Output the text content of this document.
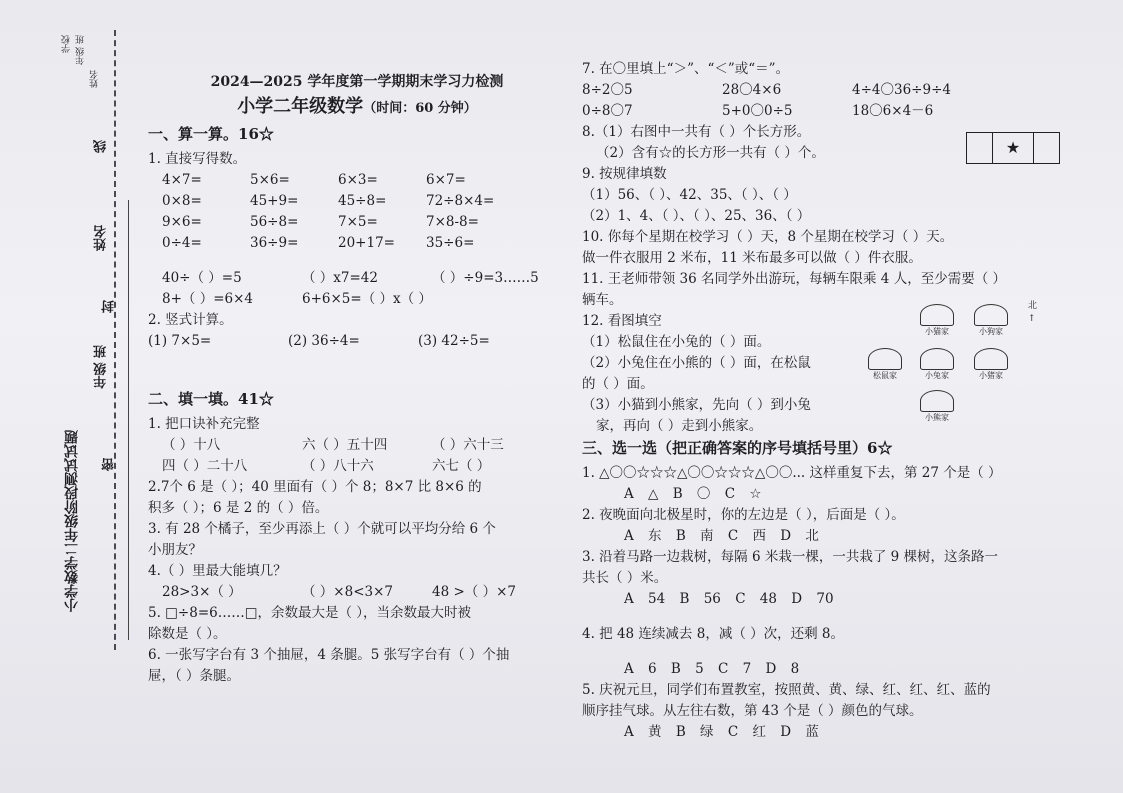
学校 年级 班
姓名
线
姓名
封
年级 班
密
小学数学二年级阶段测试试题
2024—2025 学年度第一学期期末学习力检测
小学二年级数学（时间：60 分钟）
一、算一算。16☆
1. 直接写得数。
4×7=	5×6=	6×3=	6×7=
0×8=	45+9=	45÷8=	72÷8×4=
9×6=	56÷8=	7×5=	7×8-8=
0÷4=	36÷9=	20+17=	35÷6=
40÷（ ）=5	（ ）x7=42	（ ）÷9=3……5
8+（ ）=6×4	6+6×5=（ ）x（ ）
2. 竖式计算。
(1) 7×5=	(2) 36÷4=	(3) 42÷5=
二、填一填。41☆
1. 把口诀补充完整
（ ）十八	六（ ）五十四	（ ）六十三
四（ ）二十八	（ ）八十六	六七（ ）
2.7个 6 是（ ）；40 里面有（ ）个 8；8×7 比 8×6 的
积多（ ）；6 是 2 的（ ）倍。
3. 有 28 个橘子，至少再添上（ ）个就可以平均分给 6 个
小朋友？
4.（ ）里最大能填几？
28>3×（ ）	（ ）×8<3×7	48 >（ ）×7
5. □÷8=6……□，余数最大是（ ），当余数最大时被
除数是（ ）。
6. 一张写字台有 3 个抽屉，4 条腿。5 张写字台有（ ）个抽
屉，（ ）条腿。
7. 在〇里填上“＞”、“＜”或“＝”。
8÷2〇5	28〇4×6	4÷4〇36÷9÷4
0÷8〇7	5+0〇0÷5	18〇6×4－6
8.（1）右图中一共有（ ）个长方形。
（2）含有☆的长方形一共有（ ）个。	★
9. 按规律填数
（1）56、（ ）、42、35、（ ）、（ ）
（2）1、4、（ ）、（ ）、25、36、（ ）
10. 你每个星期在校学习（ ）天，8 个星期在校学习（ ）天。
做一件衣服用 2 米布，11 米布最多可以做（ ）件衣服。
11. 王老师带领 36 名同学外出游玩，每辆车限乘 4 人，至少需要（ ）
辆车。
12. 看图填空
（1）松鼠住在小兔的（ ）面。
（2）小兔住在小熊的（ ）面，在松鼠
的（ ）面。
（3）小猫到小熊家，先向（ ）到小兔
家，再向（ ）走到小熊家。
北
↑
小猫家	小狗家
松鼠家	小兔家	小猪家
小熊家
三、选一选（把正确答案的序号填括号里）6☆
1. △〇〇☆☆☆△〇〇☆☆☆△〇〇... 这样重复下去，第 27 个是（ ）
A △ B 〇 C ☆
2. 夜晚面向北极星时，你的左边是（ ），后面是（ ）。
A 东 B 南 C 西 D 北
3. 沿着马路一边栽树，每隔 6 米栽一棵，一共栽了 9 棵树，这条路一
共长（ ）米。
A 54 B 56 C 48 D 70
4. 把 48 连续减去 8，减（ ）次，还剩 8。
A 6 B 5 C 7 D 8
5. 庆祝元旦，同学们布置教室，按照黄、黄、绿、红、红、红、蓝的
顺序挂气球。从左往右数，第 43 个是（ ）颜色的气球。
A 黄 B 绿 C 红 D 蓝
